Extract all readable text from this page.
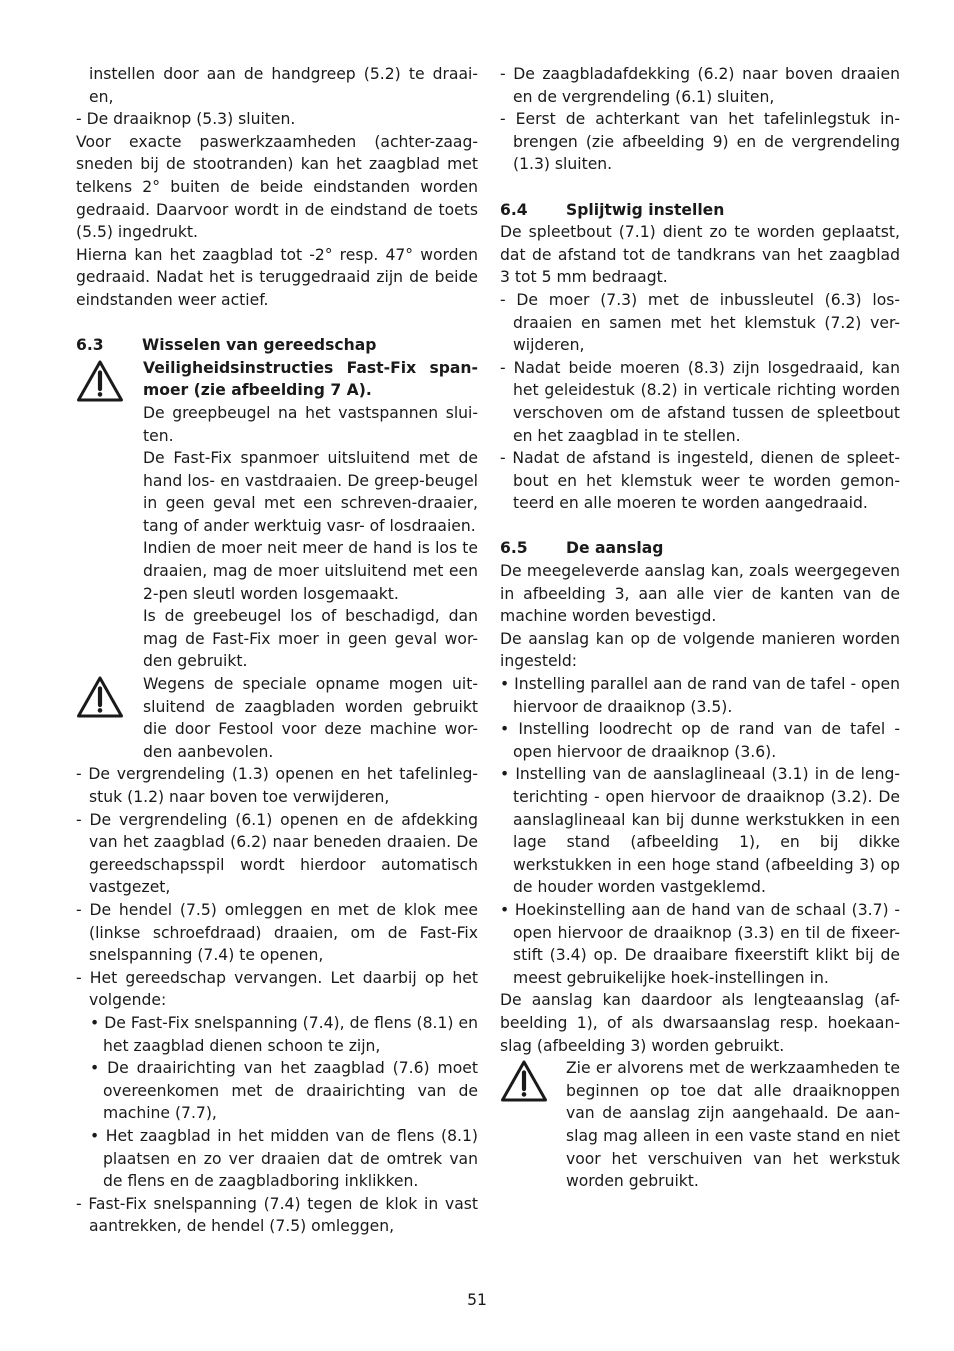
instellen door aan de handgreep (5.2) te draai-en,

- De draaiknop (5.3) sluiten.

Voor exacte paswerkzaamheden (achter-zaag-sneden bij de stootranden) kan het zaagblad met telkens 2° buiten de beide eindstanden worden gedraaid. Daarvoor wordt in de eindstand de toets (5.5) ingedrukt.

Hierna kan het zaagblad tot -2° resp. 47° worden gedraaid. Nadat het is teruggedraaid zijn de beide eindstanden weer actief.

6.3	Wisselen van gereedschap

Veiligheidsinstructies Fast-Fix span-moer (zie afbeelding 7 A).

De greepbeugel na het vastspannen slui-ten.

De Fast-Fix spanmoer uitsluitend met de hand los- en vastdraaien. De greep-beugel in geen geval met een schreven-draaier, tang of ander werktuig vasr- of losdraaien.

Indien de moer neit meer de hand is los te draaien, mag de moer uitsluitend met een 2-pen sleutl worden losgemaakt.

Is de greebeugel los of beschadigd, dan mag de Fast-Fix moer in geen geval wor-den gebruikt.

Wegens de speciale opname mogen uit-sluitend de zaagbladen worden gebruikt die door Festool voor deze machine wor-den aanbevolen.

- De vergrendeling (1.3) openen en het tafelinleg-stuk (1.2) naar boven toe verwijderen,

- De vergrendeling (6.1) openen en de afdekking van het zaagblad (6.2) naar beneden draaien. De gereedschapsspil wordt hierdoor automatisch vastgezet,

- De hendel (7.5) omleggen en met de klok mee (linkse schroefdraad) draaien, om de Fast-Fix snelspanning (7.4) te openen,

- Het gereedschap vervangen. Let daarbij op het volgende:

• De Fast-Fix snelspanning (7.4), de flens (8.1) en het zaagblad dienen schoon te zijn,

• De draairichting van het zaagblad (7.6) moet overeenkomen met de draairichting van de machine (7.7),

• Het zaagblad in het midden van de flens (8.1) plaatsen en zo ver draaien dat de omtrek van de flens en de zaagbladboring inklikken.

- Fast-Fix snelspanning (7.4) tegen de klok in vast aantrekken, de hendel (7.5) omleggen,

- De zaagbladafdekking (6.2) naar boven draaien en de vergrendeling (6.1) sluiten,

- Eerst de achterkant van het tafelinlegstuk in-brengen (zie afbeelding 9) en de vergrendeling (1.3) sluiten.

6.4	Splijtwig instellen

De spleetbout (7.1) dient zo te worden geplaatst, dat de afstand tot de tandkrans van het zaagblad 3 tot 5 mm bedraagt.

- De moer (7.3) met de inbussleutel (6.3) los-draaien en samen met het klemstuk (7.2) ver-wijderen,

- Nadat beide moeren (8.3) zijn losgedraaid, kan het geleidestuk (8.2) in verticale richting worden verschoven om de afstand tussen de spleetbout en het zaagblad in te stellen.

- Nadat de afstand is ingesteld, dienen de spleet-bout en het klemstuk weer te worden gemon-teerd en alle moeren te worden aangedraaid.

6.5	De aanslag

De meegeleverde aanslag kan, zoals weergegeven in afbeelding 3, aan alle vier de kanten van de machine worden bevestigd.

De aanslag kan op de volgende manieren worden ingesteld:

• Instelling parallel aan de rand van de tafel - open hiervoor de draaiknop (3.5).

• Instelling loodrecht op de rand van de tafel - open hiervoor de draaiknop (3.6).

• Instelling van de aanslaglineaal (3.1) in de leng-terichting - open hiervoor de draaiknop (3.2). De aanslaglineaal kan bij dunne werkstukken in een lage stand (afbeelding 1), en bij dikke werkstukken in een hoge stand (afbeelding 3) op de houder worden vastgeklemd.

• Hoekinstelling aan de hand van de schaal (3.7) - open hiervoor de draaiknop (3.3) en til de fixeer-stift (3.4) op. De draaibare fixeerstift klikt bij de meest gebruikelijke hoek-instellingen in.

De aanslag kan daardoor als lengteaanslag (af-beelding 1), of als dwarsaanslag resp. hoekaan-slag (afbeelding 3) worden gebruikt.

Zie er alvorens met de werkzaamheden te beginnen op toe dat alle draaiknoppen van de aanslag zijn aangehaald. De aan-slag mag alleen in een vaste stand en niet voor het verschuiven van het werkstuk worden gebruikt.

51
